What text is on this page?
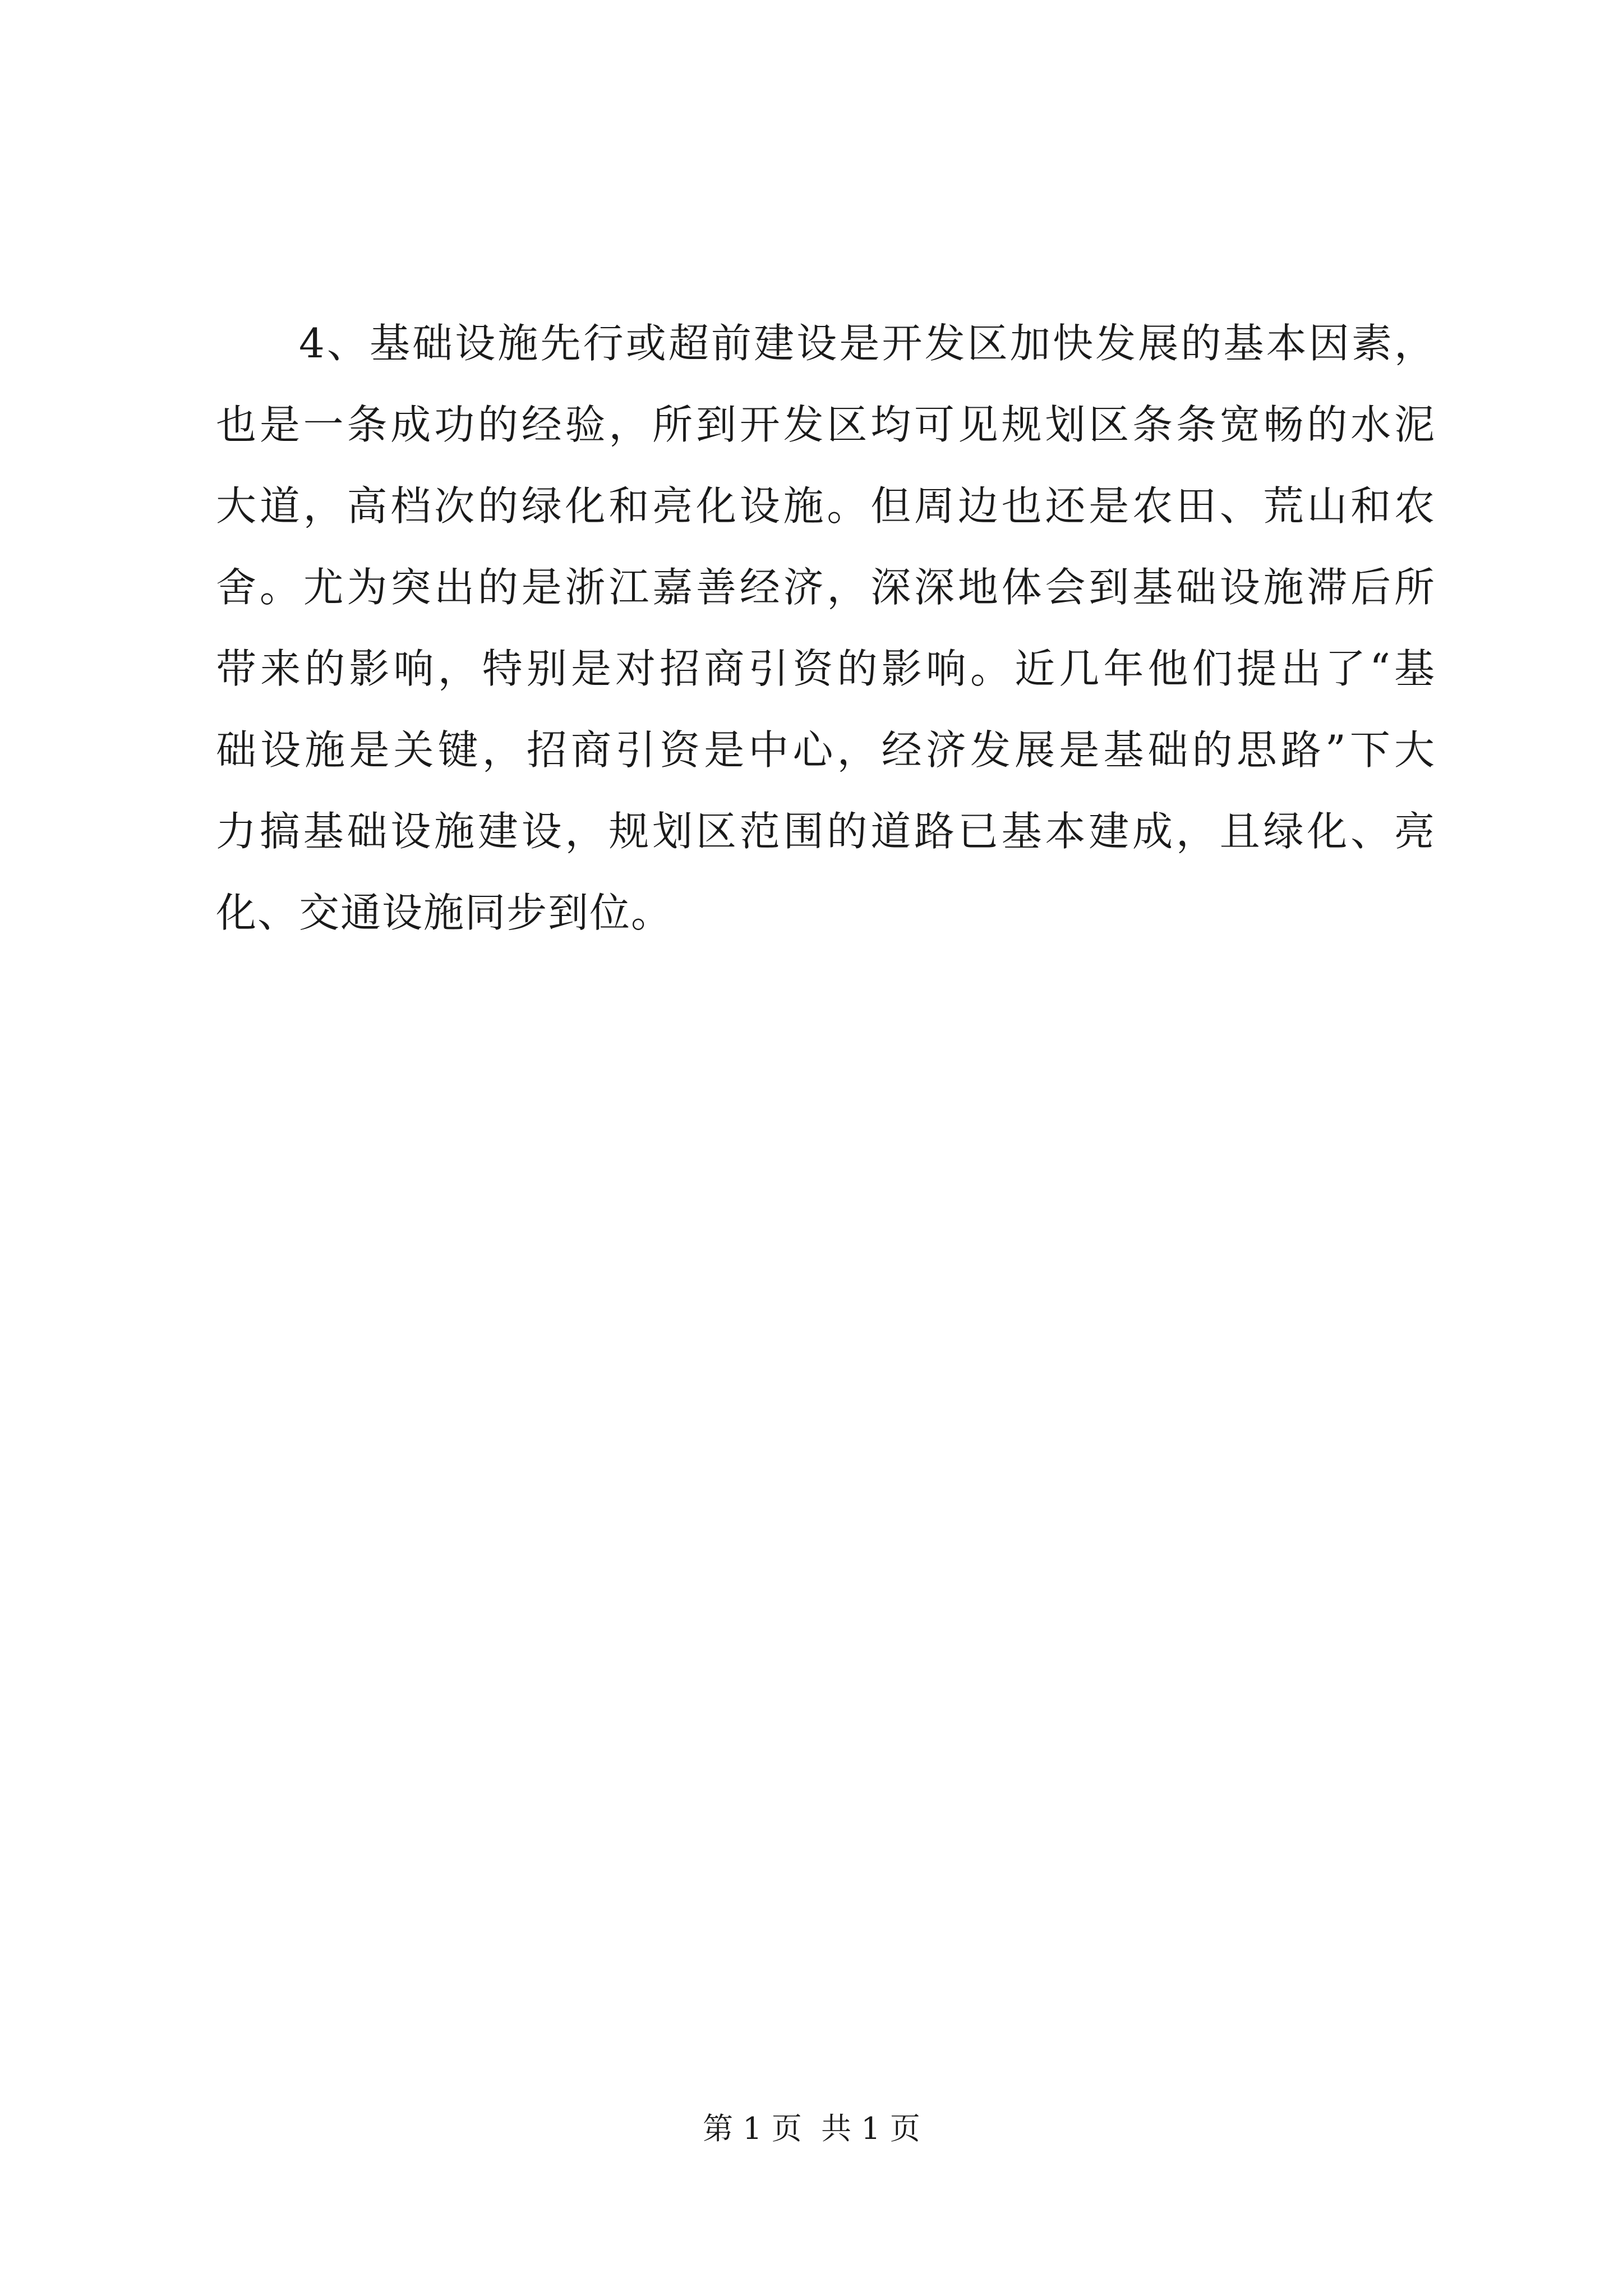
4、基础设施先行或超前建设是开发区加快发展的基本因素，
也是一条成功的经验，所到开发区均可见规划区条条宽畅的水泥
大道，高档次的绿化和亮化设施。但周边也还是农田、荒山和农
舍。尤为突出的是浙江嘉善经济，深深地体会到基础设施滞后所
带来的影响，特别是对招商引资的影响。近几年他们提出了“基
础设施是关键，招商引资是中心，经济发展是基础的思路”下大
力搞基础设施建设，规划区范围的道路已基本建成，且绿化、亮
化、交通设施同步到位。
第 1 页  共 1 页
